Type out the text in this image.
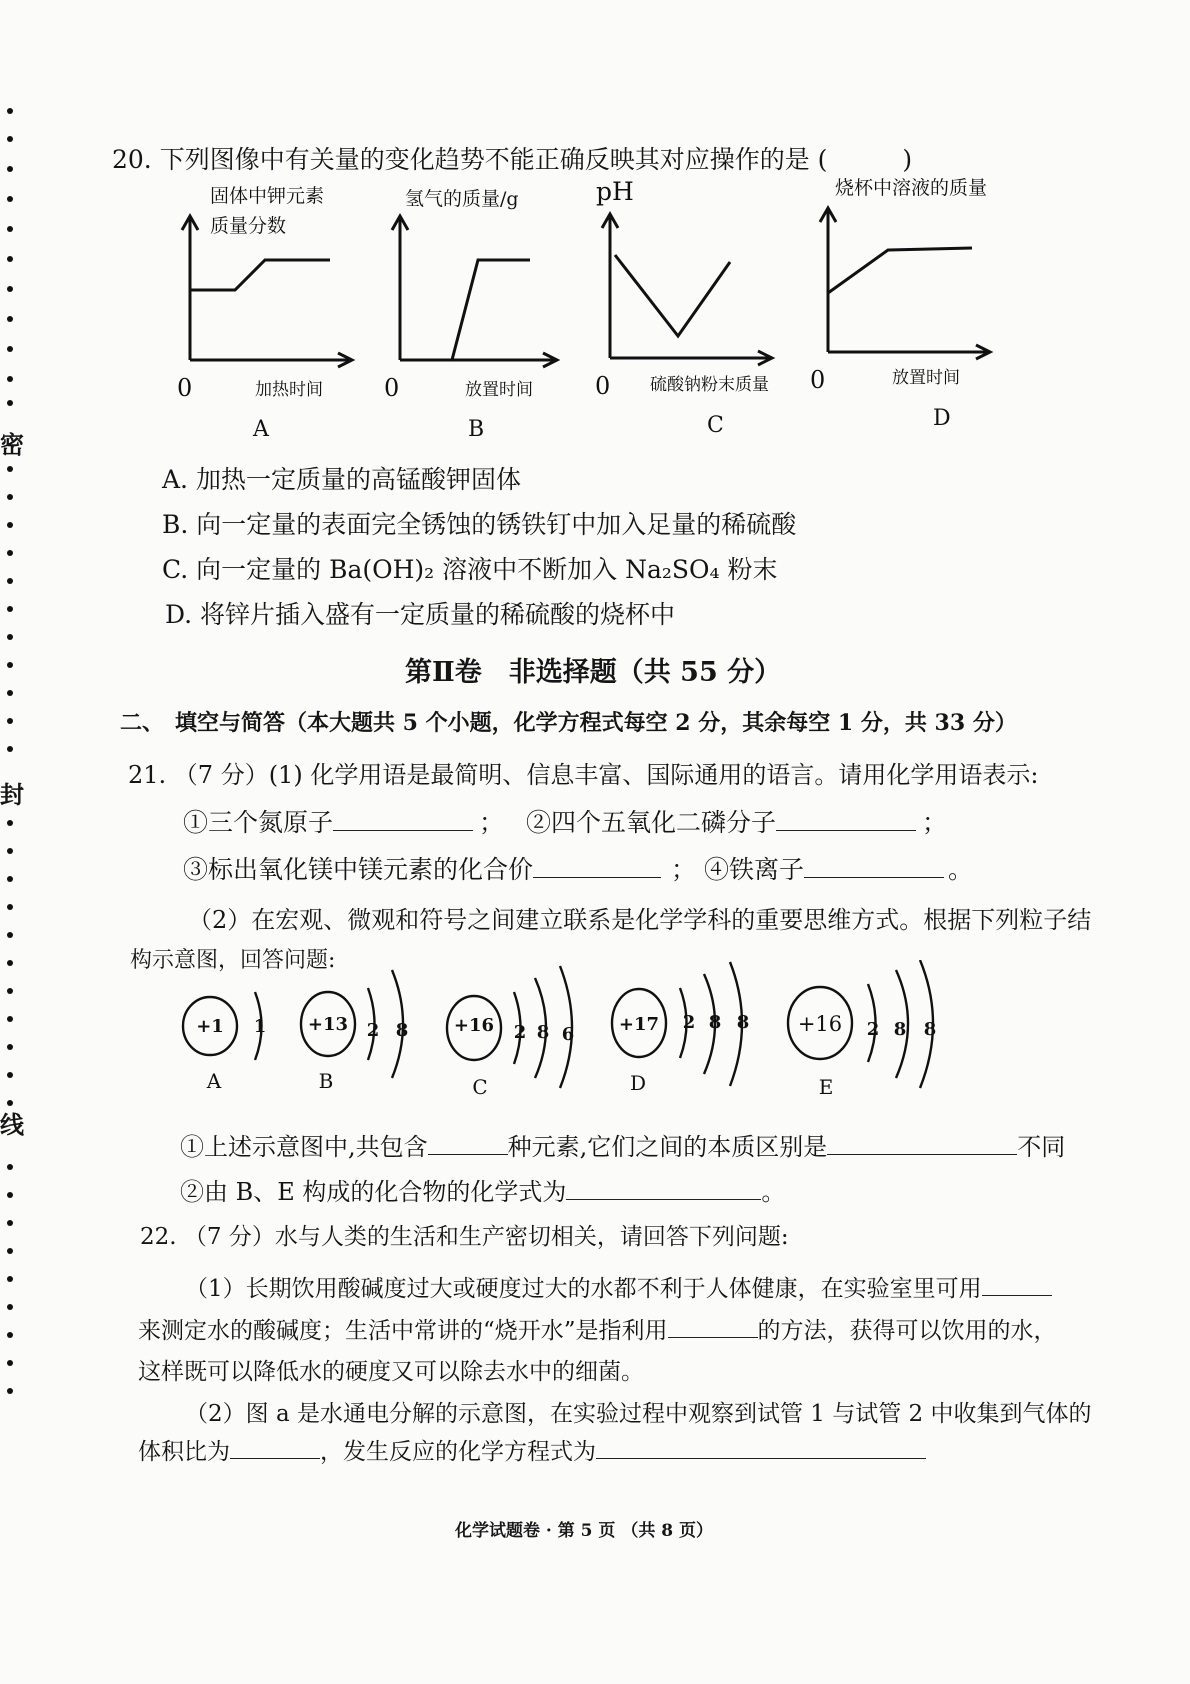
密
封
线
20. 下列图像中有关量的变化趋势不能正确反映其对应操作的是 (　　　)
固体中钾元素
质量分数
加热时间
0
A
氢气的质量/g
放置时间
0
B
pH
硫酸钠粉末质量
0
C
烧杯中溶液的质量
放置时间
0
D
A. 加热一定质量的高锰酸钾固体
B. 向一定量的表面完全锈蚀的锈铁钉中加入足量的稀硫酸
C. 向一定量的 Ba(OH)₂ 溶液中不断加入 Na₂SO₄ 粉末
D. 将锌片插入盛有一定质量的稀硫酸的烧杯中
第Ⅱ卷　非选择题（共 55 分）
二、　填空与简答（本大题共 5 个小题，化学方程式每空 2 分，其余每空 1 分，共 33 分）
21. （7 分）(1) 化学用语是最简明、信息丰富、国际通用的语言。请用化学用语表示:
①三个氮原子	； ②四个五氧化二磷分子	；
③标出氧化镁中镁元素的化合价	； ④铁离子	。
（2）在宏观、微观和符号之间建立联系是化学学科的重要思维方式。根据下列粒子结
构示意图，回答问题:
+1 1 +13 2 8	+16 2 8 6 +17 2 8 8 +16 2 8 8
A	B	C	D	E
①上述示意图中,共包含	种元素,它们之间的本质区别是	不同
②由 B、E 构成的化合物的化学式为	。
22. （7 分）水与人类的生活和生产密切相关，请回答下列问题:
（1）长期饮用酸碱度过大或硬度过大的水都不利于人体健康，在实验室里可用
来测定水的酸碱度；生活中常讲的“烧开水”是指利用	的方法，获得可以饮用的水，
这样既可以降低水的硬度又可以除去水中的细菌。
（2）图 a 是水通电分解的示意图，在实验过程中观察到试管 1 与试管 2 中收集到气体的
体积比为	，发生反应的化学方程式为
化学试题卷 · 第 5 页 （共 8 页）
